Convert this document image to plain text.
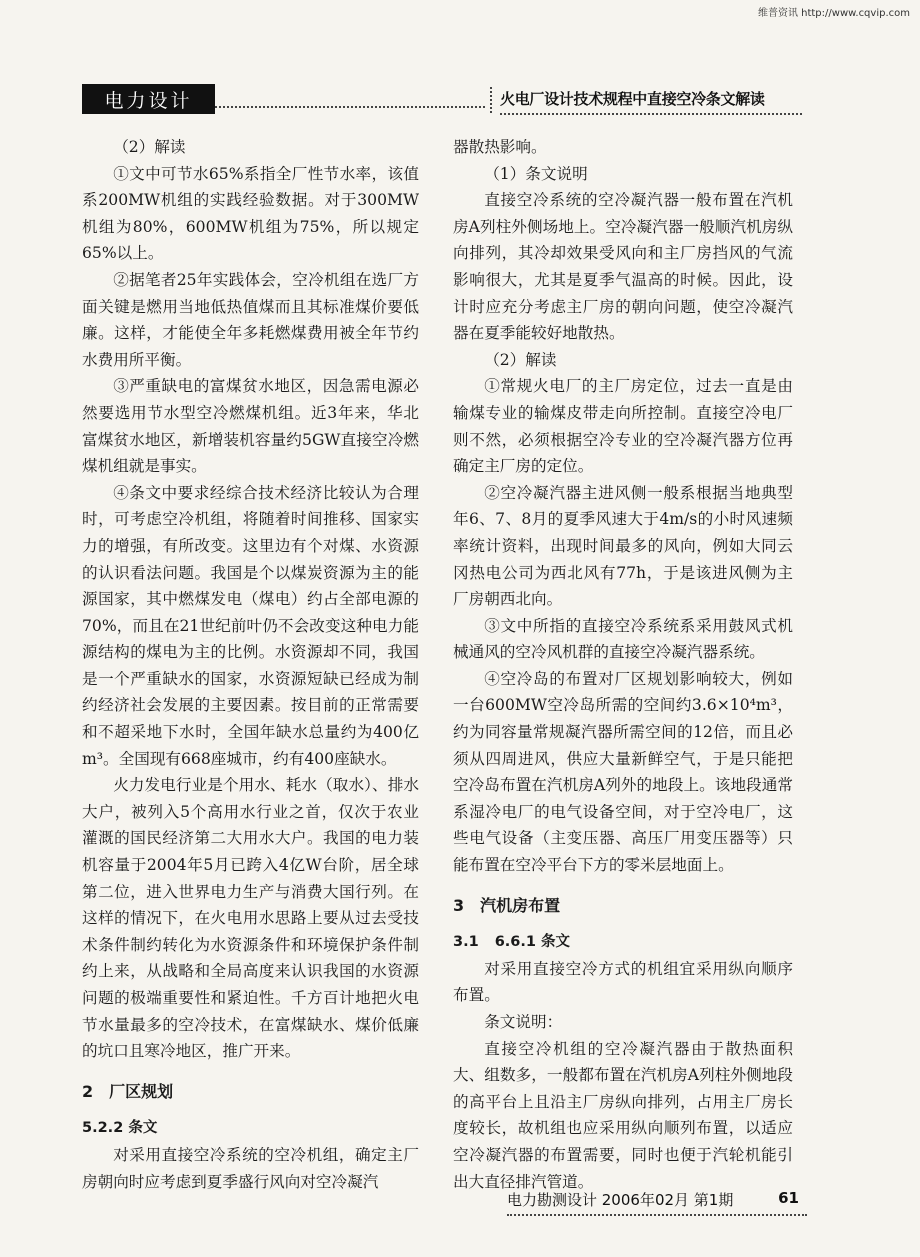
维普资讯 http://www.cqvip.com
电力设计	火电厂设计技术规程中直接空冷条文解读

（2）解读

①文中可节水65%系指全厂性节水率，该值系200MW机组的实践经验数据。对于300MW机组为80%，600MW机组为75%，所以规定65%以上。

②据笔者25年实践体会，空冷机组在选厂方面关键是燃用当地低热值煤而且其标准煤价要低廉。这样，才能使全年多耗燃煤费用被全年节约水费用所平衡。

③严重缺电的富煤贫水地区，因急需电源必然要选用节水型空冷燃煤机组。近3年来，华北富煤贫水地区，新增装机容量约5GW直接空冷燃煤机组就是事实。

④条文中要求经综合技术经济比较认为合理时，可考虑空冷机组，将随着时间推移、国家实力的增强，有所改变。这里边有个对煤、水资源的认识看法问题。我国是个以煤炭资源为主的能源国家，其中燃煤发电（煤电）约占全部电源的70%，而且在21世纪前叶仍不会改变这种电力能源结构的煤电为主的比例。水资源却不同，我国是一个严重缺水的国家，水资源短缺已经成为制约经济社会发展的主要因素。按目前的正常需要和不超采地下水时，全国年缺水总量约为400亿m³。全国现有668座城市，约有400座缺水。

火力发电行业是个用水、耗水（取水）、排水大户，被列入5个高用水行业之首，仅次于农业灌溉的国民经济第二大用水大户。我国的电力装机容量于2004年5月已跨入4亿W台阶，居全球第二位，进入世界电力生产与消费大国行列。在这样的情况下，在火电用水思路上要从过去受技术条件制约转化为水资源条件和环境保护条件制约上来，从战略和全局高度来认识我国的水资源问题的极端重要性和紧迫性。千方百计地把火电节水量最多的空冷技术，在富煤缺水、煤价低廉的坑口且寒冷地区，推广开来。

2 厂区规划
5.2.2 条文

对采用直接空冷系统的空冷机组，确定主厂房朝向时应考虑到夏季盛行风向对空冷凝汽

器散热影响。

（1）条文说明

直接空冷系统的空冷凝汽器一般布置在汽机房A列柱外侧场地上。空冷凝汽器一般顺汽机房纵向排列，其冷却效果受风向和主厂房挡风的气流影响很大，尤其是夏季气温高的时候。因此，设计时应充分考虑主厂房的朝向问题，使空冷凝汽器在夏季能较好地散热。

（2）解读

①常规火电厂的主厂房定位，过去一直是由输煤专业的输煤皮带走向所控制。直接空冷电厂则不然，必须根据空冷专业的空冷凝汽器方位再确定主厂房的定位。

②空冷凝汽器主进风侧一般系根据当地典型年6、7、8月的夏季风速大于4m/s的小时风速频率统计资料，出现时间最多的风向，例如大同云冈热电公司为西北风有77h，于是该进风侧为主厂房朝西北向。

③文中所指的直接空冷系统系采用鼓风式机械通风的空冷风机群的直接空冷凝汽器系统。

④空冷岛的布置对厂区规划影响较大，例如一台600MW空冷岛所需的空间约3.6×10⁴m³，约为同容量常规凝汽器所需空间的12倍，而且必须从四周进风，供应大量新鲜空气，于是只能把空冷岛布置在汽机房A列外的地段上。该地段通常系湿冷电厂的电气设备空间，对于空冷电厂，这些电气设备（主变压器、高压厂用变压器等）只能布置在空冷平台下方的零米层地面上。

3 汽机房布置
3.1 6.6.1 条文

对采用直接空冷方式的机组宜采用纵向顺序布置。

条文说明：

直接空冷机组的空冷凝汽器由于散热面积大、组数多，一般都布置在汽机房A列柱外侧地段的高平台上且沿主厂房纵向排列，占用主厂房长度较长，故机组也应采用纵向顺列布置，以适应空冷凝汽器的布置需要，同时也便于汽轮机能引出大直径排汽管道。

电力勘测设计 2006年02月 第1期	61
